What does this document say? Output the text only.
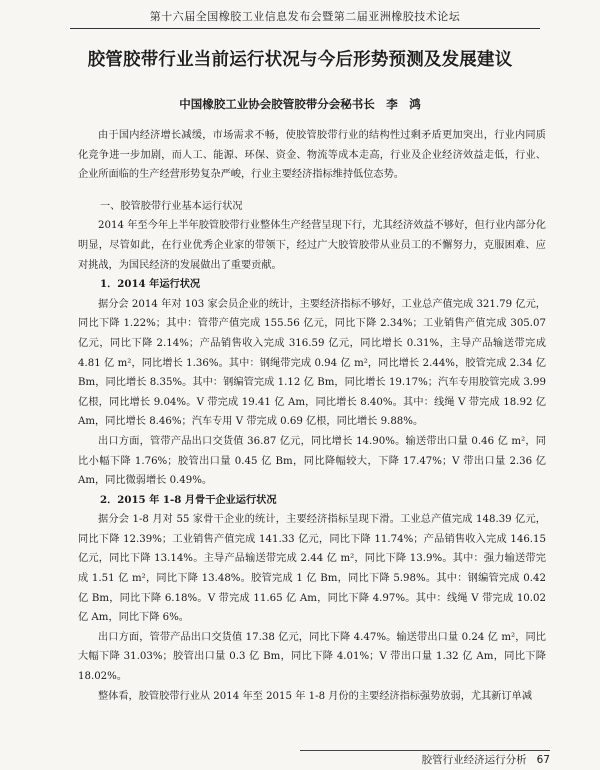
第十六届全国橡胶工业信息发布会暨第二届亚洲橡胶技术论坛
胶管胶带行业当前运行状况与今后形势预测及发展建议
中国橡胶工业协会胶管胶带分会秘书长　李　鸿

由于国内经济增长减缓，市场需求不畅，使胶管胶带行业的结构性过剩矛盾更加突出，行业内同质化竞争进一步加剧，而人工、能源、环保、资金、物流等成本走高，行业及企业经济效益走低，行业、企业所面临的生产经营形势复杂严峻，行业主要经济指标维持低位态势。

一、胶管胶带行业基本运行状况

2014 年至今年上半年胶管胶带行业整体生产经营呈现下行，尤其经济效益不够好，但行业内部分化明显，尽管如此，在行业优秀企业家的带领下，经过广大胶管胶带从业员工的不懈努力，克服困难、应对挑战，为国民经济的发展做出了重要贡献。

1．2014 年运行状况

据分会 2014 年对 103 家会员企业的统计，主要经济指标不够好，工业总产值完成 321.79 亿元，同比下降 1.22%；其中：管带产值完成 155.56 亿元，同比下降 2.34%；工业销售产值完成 305.07 亿元，同比下降 2.14%；产品销售收入完成 316.59 亿元，同比增长 0.31%，主导产品输送带完成 4.81 亿 m²，同比增长 1.36%。其中：钢绳带完成 0.94 亿 m²，同比增长 2.44%，胶管完成 2.34 亿 Bm，同比增长 8.35%。其中：钢编管完成 1.12 亿 Bm，同比增长 19.17%；汽车专用胶管完成 3.99 亿根，同比增长 9.04%。V 带完成 19.41 亿 Am，同比增长 8.40%。其中：线绳 V 带完成 18.92 亿 Am，同比增长 8.46%；汽车专用 V 带完成 0.69 亿根，同比增长 9.88%。

出口方面，管带产品出口交货值 36.87 亿元，同比增长 14.90%。输送带出口量 0.46 亿 m²，同比小幅下降 1.76%；胶管出口量 0.45 亿 Bm，同比降幅较大，下降 17.47%；V 带出口量 2.36 亿 Am，同比微弱增长 0.49%。

2．2015 年 1-8 月骨干企业运行状况

据分会 1-8 月对 55 家骨干企业的统计，主要经济指标呈现下滑。工业总产值完成 148.39 亿元，同比下降 12.39%；工业销售产值完成 141.33 亿元，同比下降 11.74%；产品销售收入完成 146.15 亿元，同比下降 13.14%。主导产品输送带完成 2.44 亿 m²，同比下降 13.9%。其中：强力输送带完成 1.51 亿 m²，同比下降 13.48%。胶管完成 1 亿 Bm，同比下降 5.98%。其中：钢编管完成 0.42 亿 Bm，同比下降 6.18%。V 带完成 11.65 亿 Am，同比下降 4.97%。其中：线绳 V 带完成 10.02 亿 Am，同比下降 6%。

出口方面，管带产品出口交货值 17.38 亿元，同比下降 4.47%。输送带出口量 0.24 亿 m²，同比大幅下降 31.03%；胶管出口量 0.3 亿 Bm，同比下降 4.01%；V 带出口量 1.32 亿 Am，同比下降 18.02%。

整体看，胶管胶带行业从 2014 年至 2015 年 1-8 月份的主要经济指标强势放弱，尤其新订单减

胶管行业经济运行分析 67
